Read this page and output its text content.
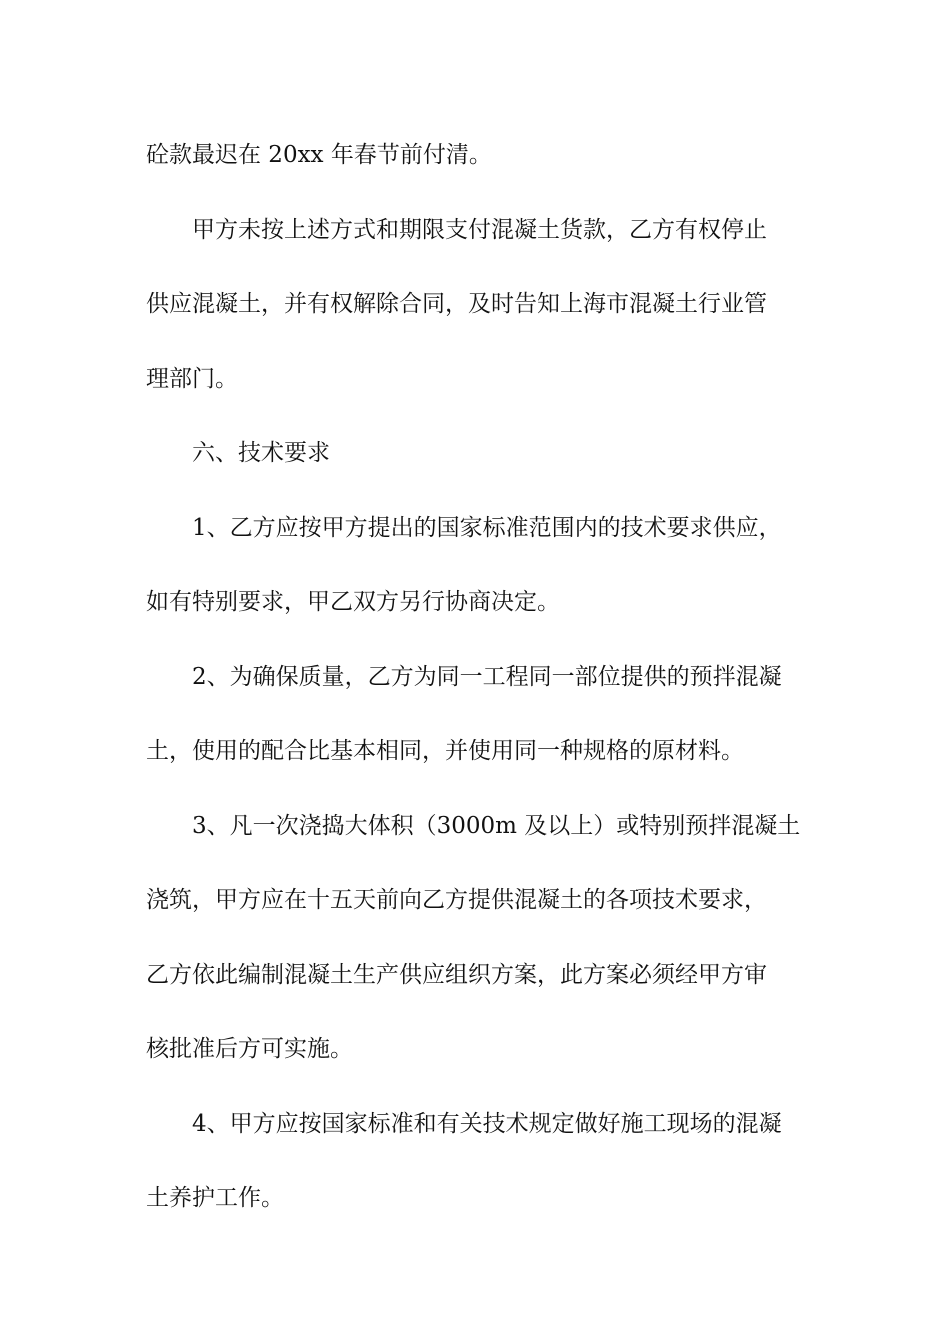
砼款最迟在 20xx 年春节前付清。
甲方未按上述方式和期限支付混凝土货款，乙方有权停止
供应混凝土，并有权解除合同，及时告知上海市混凝土行业管
理部门。
六、技术要求
1、乙方应按甲方提出的国家标准范围内的技术要求供应，
如有特别要求，甲乙双方另行协商决定。
2、为确保质量，乙方为同一工程同一部位提供的预拌混凝
土，使用的配合比基本相同，并使用同一种规格的原材料。
3、凡一次浇捣大体积（3000m 及以上）或特别预拌混凝土
浇筑，甲方应在十五天前向乙方提供混凝土的各项技术要求，
乙方依此编制混凝土生产供应组织方案，此方案必须经甲方审
核批准后方可实施。
4、甲方应按国家标准和有关技术规定做好施工现场的混凝
土养护工作。
